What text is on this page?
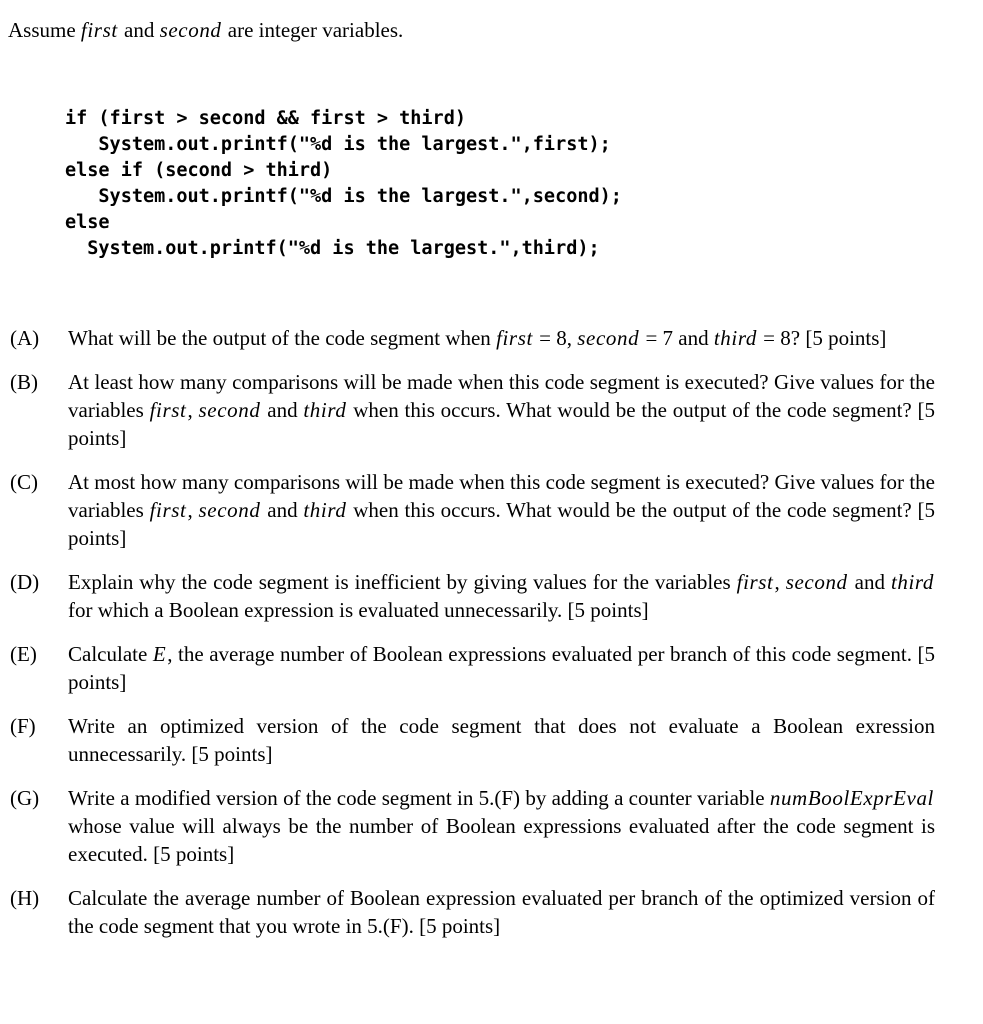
Assume first and second are integer variables.

if (first > second && first > third)
System.out.printf("%d is the largest.",first);
else if (second > third)
System.out.printf("%d is the largest.",second);
else
System.out.printf("%d is the largest.",third);
(A)	What will be the output of the code segment when first = 8, second = 7 and third = 8? [5 points]
(B)	At least how many comparisons will be made when this code segment is executed? Give values for the variables first, second and third when this occurs. What would be the output of the code segment? [5 points]
(C)	At most how many comparisons will be made when this code segment is executed? Give values for the variables first, second and third when this occurs. What would be the output of the code segment? [5 points]
(D)	Explain why the code segment is inefficient by giving values for the variables first, second and third for which a Boolean expression is evaluated unnecessarily. [5 points]
(E)	Calculate E, the average number of Boolean expressions evaluated per branch of this code segment. [5 points]
(F)	Write an optimized version of the code segment that does not evaluate a Boolean exression unnecessarily. [5 points]
(G)	Write a modified version of the code segment in 5.(F) by adding a counter variable numBoolExprEval whose value will always be the number of Boolean expressions evaluated after the code segment is executed. [5 points]
(H)	Calculate the average number of Boolean expression evaluated per branch of the optimized version of the code segment that you wrote in 5.(F). [5 points]
